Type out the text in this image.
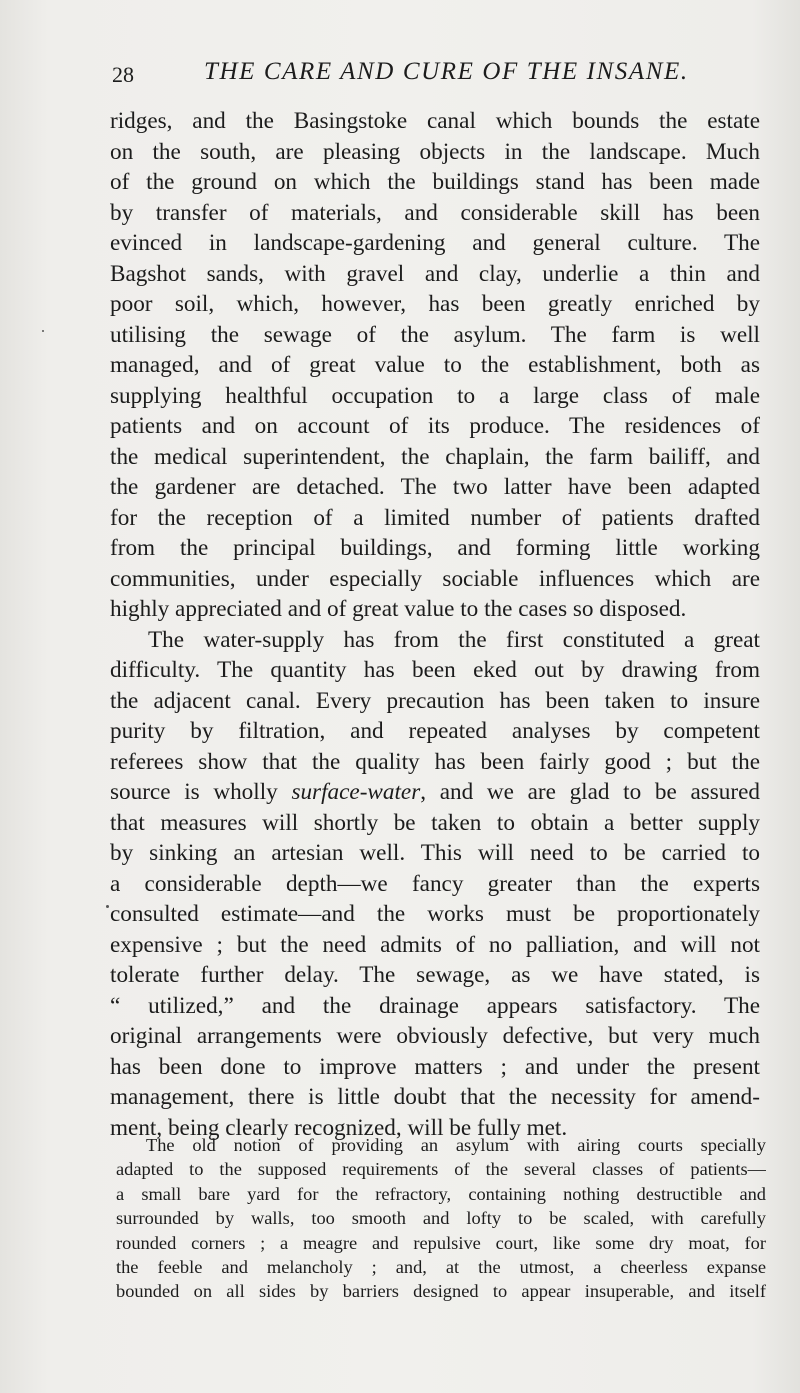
28	THE CARE AND CURE OF THE INSANE.
ridges, and the Basingstoke canal which bounds the estate
on the south, are pleasing objects in the landscape. Much
of the ground on which the buildings stand has been made
by transfer of materials, and considerable skill has been
evinced in landscape-gardening and general culture. The
Bagshot sands, with gravel and clay, underlie a thin and
poor soil, which, however, has been greatly enriched by
utilising the sewage of the asylum. The farm is well
managed, and of great value to the establishment, both as
supplying healthful occupation to a large class of male
patients and on account of its produce. The residences of
the medical superintendent, the chaplain, the farm bailiff, and
the gardener are detached. The two latter have been adapted
for the reception of a limited number of patients drafted
from the principal buildings, and forming little working
communities, under especially sociable influences which are
highly appreciated and of great value to the cases so disposed.
The water-supply has from the first constituted a great
difficulty. The quantity has been eked out by drawing from
the adjacent canal. Every precaution has been taken to insure
purity by filtration, and repeated analyses by competent
referees show that the quality has been fairly good ; but the
source is wholly surface-water, and we are glad to be assured
that measures will shortly be taken to obtain a better supply
by sinking an artesian well. This will need to be carried to
a considerable depth—we fancy greater than the experts
consulted estimate—and the works must be proportionately
expensive ; but the need admits of no palliation, and will not
tolerate further delay. The sewage, as we have stated, is
“ utilized,” and the drainage appears satisfactory. The
original arrangements were obviously defective, but very much
has been done to improve matters ; and under the present
management, there is little doubt that the necessity for amend-
ment, being clearly recognized, will be fully met.
The old notion of providing an asylum with airing courts specially
adapted to the supposed requirements of the several classes of patients—
a small bare yard for the refractory, containing nothing destructible and
surrounded by walls, too smooth and lofty to be scaled, with carefully
rounded corners ; a meagre and repulsive court, like some dry moat, for
the feeble and melancholy ; and, at the utmost, a cheerless expanse
bounded on all sides by barriers designed to appear insuperable, and itself
